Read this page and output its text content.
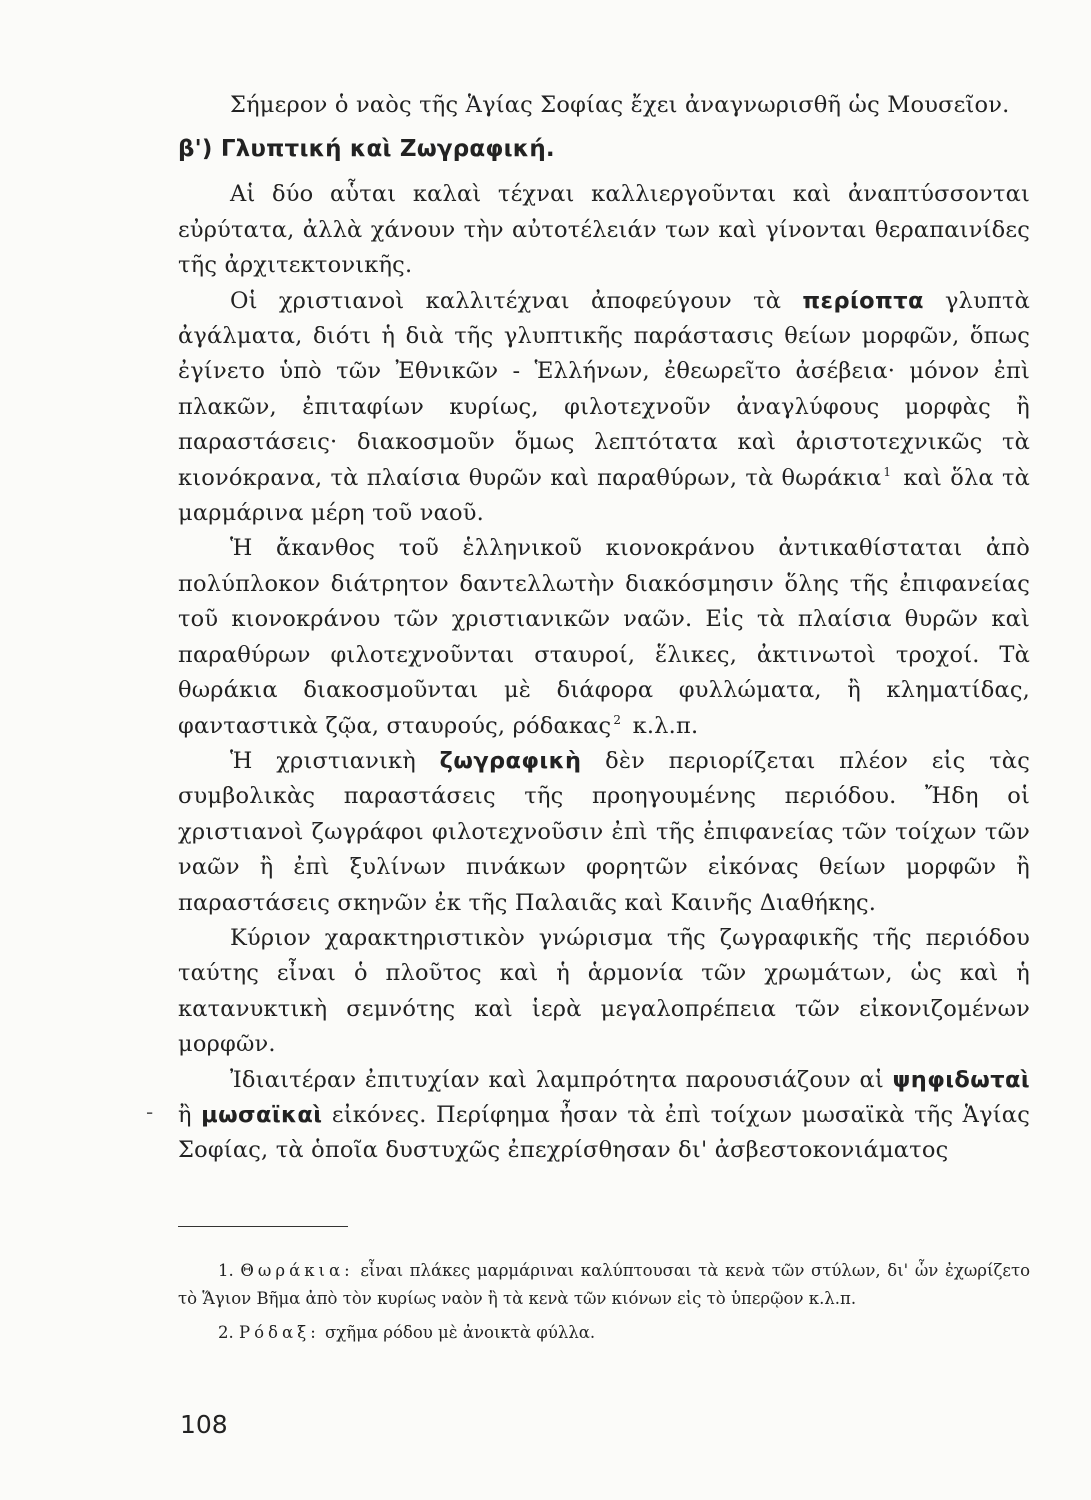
Σήμερον ὁ ναὸς τῆς Ἁγίας Σοφίας ἔχει ἀναγνωρισθῆ ὡς Μουσεῖον.

β') Γλυπτική καὶ Ζωγραφική.

Αἱ δύο αὗται καλαὶ τέχναι καλλιεργοῦνται καὶ ἀναπτύσσονται εὐρύτατα, ἀλλὰ χάνουν τὴν αὐτοτέλειάν των καὶ γίνονται θεραπαινίδες τῆς ἀρχιτεκτονικῆς.

Οἱ χριστιανοὶ καλλιτέχναι ἀποφεύγουν τὰ περίοπτα γλυπτὰ ἀγάλματα, διότι ἡ διὰ τῆς γλυπτικῆς παράστασις θείων μορφῶν, ὅπως ἐγίνετο ὑπὸ τῶν Ἐθνικῶν - Ἑλλήνων, ἐθεωρεῖτο ἀσέβεια· μόνον ἐπὶ πλακῶν, ἐπιταφίων κυρίως, φιλοτεχνοῦν ἀναγλύφους μορφὰς ἢ παραστάσεις· διακοσμοῦν ὅμως λεπτότατα καὶ ἀριστοτεχνικῶς τὰ κιονόκρανα, τὰ πλαίσια θυρῶν καὶ παραθύρων, τὰ θωράκια $^1$ καὶ ὅλα τὰ μαρμάρινα μέρη τοῦ ναοῦ.

Ἡ ἄκανθος τοῦ ἑλληνικοῦ κιονοκράνου ἀντικαθίσταται ἀπὸ πολύπλοκον διάτρητον δαντελλωτὴν διακόσμησιν ὅλης τῆς ἐπιφανείας τοῦ κιονοκράνου τῶν χριστιανικῶν ναῶν. Εἰς τὰ πλαίσια θυρῶν καὶ παραθύρων φιλοτεχνοῦνται σταυροί, ἕλικες, ἀκτινωτοὶ τροχοί. Τὰ θωράκια διακοσμοῦνται μὲ διάφορα φυλλώματα, ἢ κληματίδας, φανταστικὰ ζῷα, σταυρούς, ρόδακας $^2$ κ.λ.π.

Ἡ χριστιανικὴ ζωγραφικὴ δὲν περιορίζεται πλέον εἰς τὰς συμβολικὰς παραστάσεις τῆς προηγουμένης περιόδου. Ἤδη οἱ χριστιανοὶ ζωγράφοι φιλοτεχνοῦσιν ἐπὶ τῆς ἐπιφανείας τῶν τοίχων τῶν ναῶν ἢ ἐπὶ ξυλίνων πινάκων φορητῶν εἰκόνας θείων μορφῶν ἢ παραστάσεις σκηνῶν ἐκ τῆς Παλαιᾶς καὶ Καινῆς Διαθήκης.

Κύριον χαρακτηριστικὸν γνώρισμα τῆς ζωγραφικῆς τῆς περιόδου ταύτης εἶναι ὁ πλοῦτος καὶ ἡ ἁρμονία τῶν χρωμάτων, ὡς καὶ ἡ κατανυκτικὴ σεμνότης καὶ ἱερὰ μεγαλοπρέπεια τῶν εἰκονιζομένων μορφῶν.

Ἰδιαιτέραν ἐπιτυχίαν καὶ λαμπρότητα παρουσιάζουν αἱ ψηφιδωταὶ ἢ μωσαϊκαὶ εἰκόνες. Περίφημα ἦσαν τὰ ἐπὶ τοίχων μωσαϊκὰ τῆς Ἁγίας Σοφίας, τὰ ὁποῖα δυστυχῶς ἐπεχρίσθησαν δι' ἀσβεστοκονιάματος

-

1. Θωράκια: εἶναι πλάκες μαρμάριναι καλύπτουσαι τὰ κενὰ τῶν στύλων, δι' ὧν ἐχωρίζετο τὸ Ἅγιον Βῆμα ἀπὸ τὸν κυρίως ναὸν ἢ τὰ κενὰ τῶν κιόνων εἰς τὸ ὑπερῷον κ.λ.π.

2. Ρόδαξ: σχῆμα ρόδου μὲ ἀνοικτὰ φύλλα.

108
